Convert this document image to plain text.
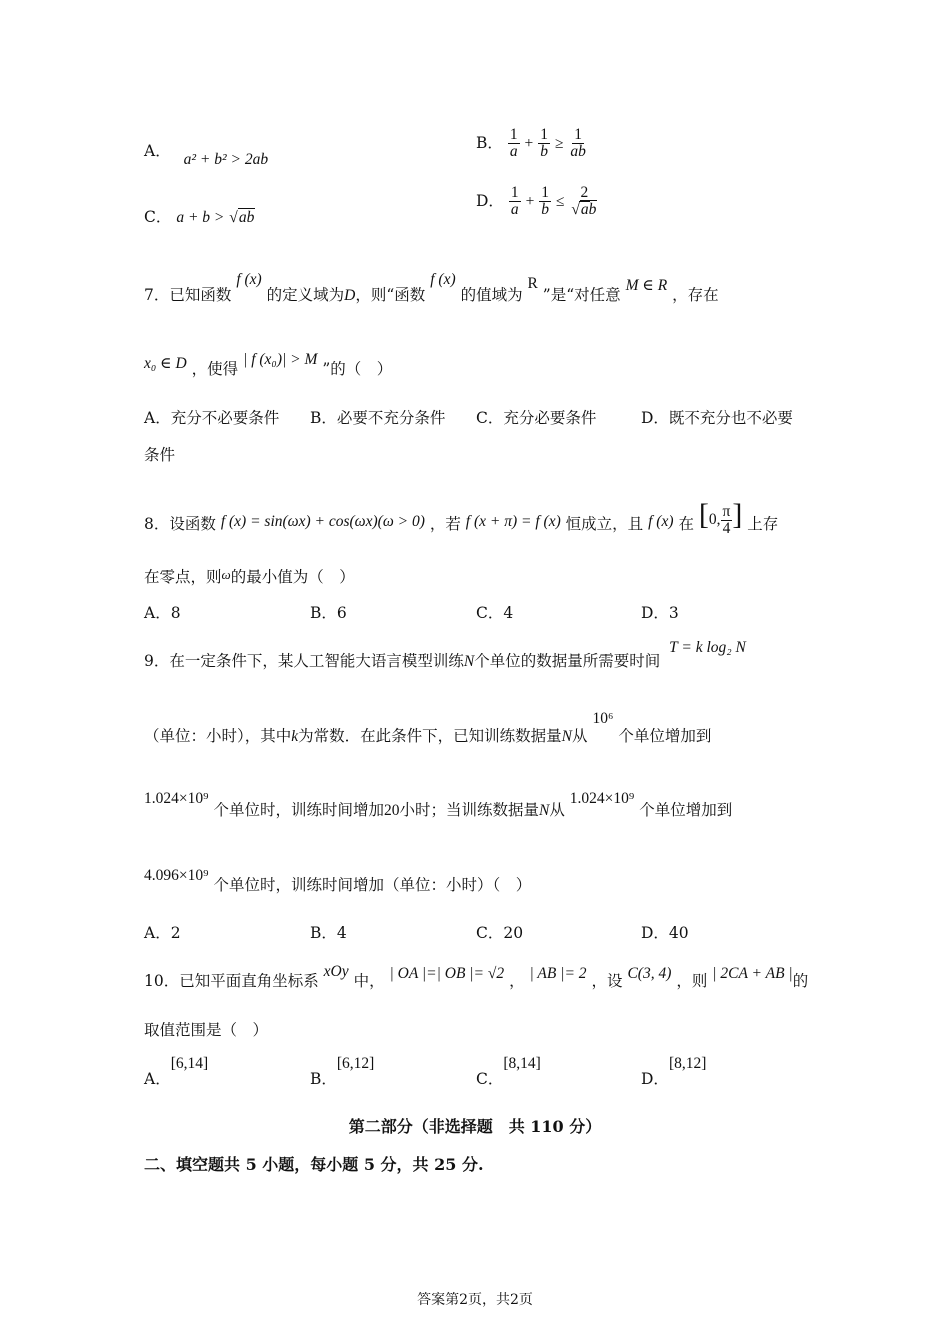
A． a² + b² > 2ab
B． $\frac{1}{a} + \frac{1}{b} \ge \frac{1}{ab}$
C． a + b > √ab
D． $\frac{1}{a} + \frac{1}{b} \le \frac{2}{√ab}$
7．已知函数 f (x) 的定义域为D，则“函数 f (x) 的值域为 R ”是“对任意 M ∈ R ，存在
x₀ ∈ D ，使得 | f (x₀)| > M ”的（　）
A．充分不必要条件 B．必要不充分条件 C．充分必要条件	D．既不充分也不必要
条件
8．设函数 f (x) = sin(ωx) + cos(ωx)(ω > 0) ，若 f (x + π) = f (x) 恒成立，且 f (x) 在 [0, $\frac{\pi}{4}$ ] 上存
在零点，则ω的最小值为（　）
A．8	B．6	C．4	D．3
9．在一定条件下，某人工智能大语言模型训练N个单位的数据量所需要时间 T = k log₂ N
（单位：小时），其中k为常数．在此条件下，已知训练数据量N从 10⁶ 个单位增加到
1.024×10⁹ 个单位时，训练时间增加20小时；当训练数据量N从 1.024×10⁹ 个单位增加到
4.096×10⁹ 个单位时，训练时间增加（单位：小时）（　）
A．2	B．4	C．20	D．40
10．已知平面直角坐标系 xOy 中， | OA |=| OB |= √2 ， | AB |= 2 ，设 C(3, 4) ，则 | 2CA + AB |的
取值范围是（　）
A．[6,14]
B．[6,12]
C．[8,14]
D．[8,12]
第二部分（非选择题　共 110 分）
二、填空题共 5 小题，每小题 5 分，共 25 分.
答案第2页，共2页
